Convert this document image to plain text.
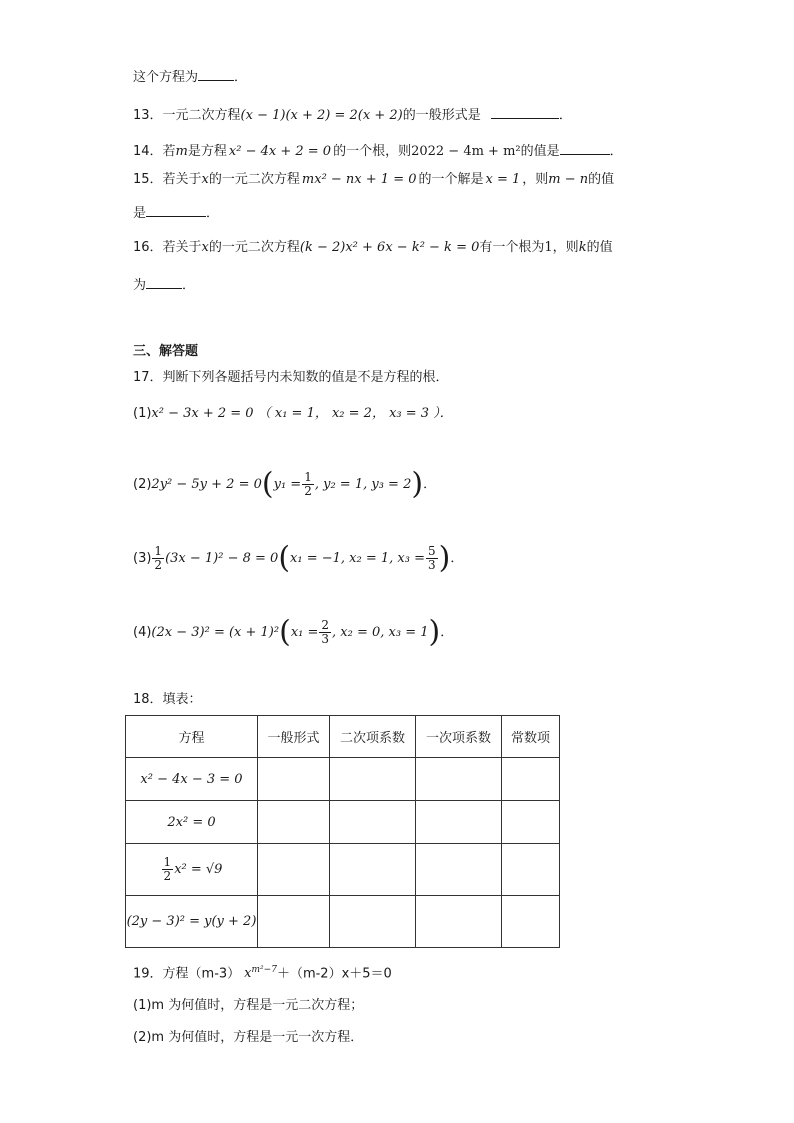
这个方程为	．
13．一元二次方程(x − 1)(x + 2) = 2(x + 2)的一般形式是	．
14．若m是方程 x² − 4x + 2 = 0 的一个根，则2022 − 4m + m²的值是	．
15．若关于x的一元二次方程 mx² − nx + 1 = 0 的一个解是 x = 1 ，则m − n的值
是	．
16．若关于x的一元二次方程(k − 2)x² + 6x − k² − k = 0有一个根为1，则k的值
为	．
三、解答题
17．判断下列各题括号内未知数的值是不是方程的根．
(1)x² − 3x + 2 = 0 （ x₁ = 1， x₂ = 2， x₃ = 3 ）．
$(2)2y^2 - 5y + 2 = 0(y_1 = \frac{1}{2}$ , y₂ = 1, y₃ = 2)．
$(3) \frac{1}{2} (3x - 1)^2 - 8 = 0(x_1 = -1$, x₂ = 1, $x_3 = \frac{5}{3}$ )．
$(4)(2x - 3)^2 = (x + 1)^2(x_1 = \frac{2}{3}$ , x₂ = 0, x₃ = 1)．
18．填表：
方程	一般形式	二次项系数	一次项系数	常数项
x² − 4x − 3 = 0				
2x² = 0				

$\frac{1}{2} x^2 = √9$				
(2y − 3)² = y(y + 2)				
19．方程（m-3） $x^{m^2-7}+(m-2)x+5=0$
(1)m 为何值时，方程是一元二次方程；
(2)m 为何值时，方程是一元一次方程．
